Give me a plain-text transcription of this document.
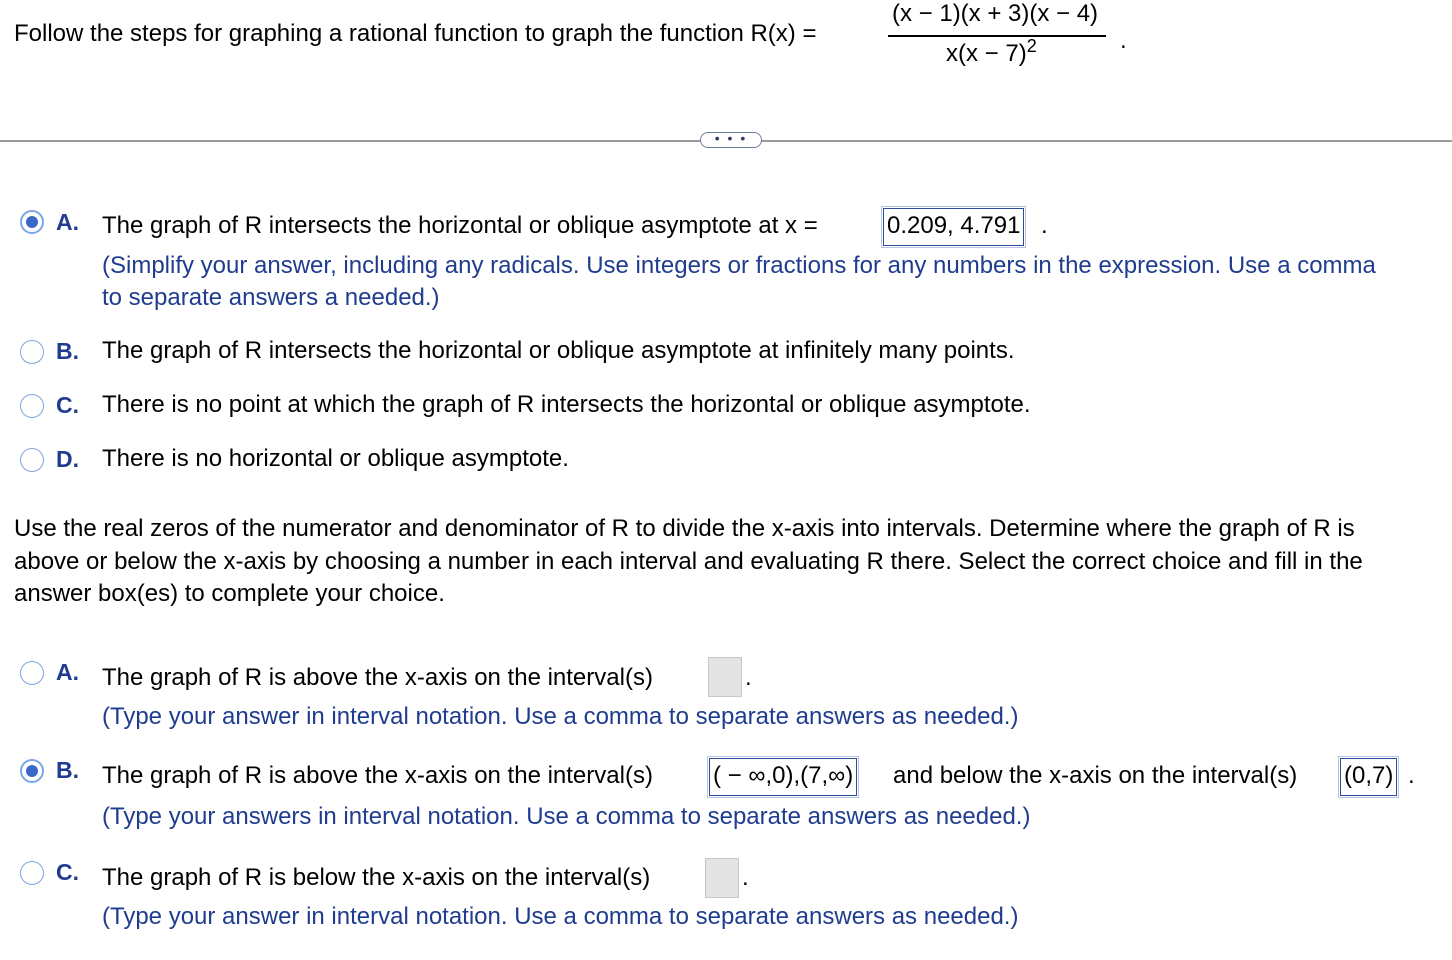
Follow the steps for graphing a rational function to graph the function R(x) =
(x − 1)(x + 3)(x − 4)
$x(x - 7)^2$	.
• • •
A. The graph of R intersects the horizontal or oblique asymptote at x =	0.209, 4.791 .
(Simplify your answer, including any radicals. Use integers or fractions for any numbers in the expression. Use a comma
to separate answers a needed.)
B. The graph of R intersects the horizontal or oblique asymptote at infinitely many points.
C. There is no point at which the graph of R intersects the horizontal or oblique asymptote.
D. There is no horizontal or oblique asymptote.
Use the real zeros of the numerator and denominator of R to divide the x-axis into intervals. Determine where the graph of R is
above or below the x-axis by choosing a number in each interval and evaluating R there. Select the correct choice and fill in the
answer box(es) to complete your choice.
A. The graph of R is above the x-axis on the interval(s)	.
(Type your answer in interval notation. Use a comma to separate answers as needed.)
B. The graph of R is above the x-axis on the interval(s)	( − ∞,0),(7,∞) and below the x-axis on the interval(s) (0,7) .
(Type your answers in interval notation. Use a comma to separate answers as needed.)
C. The graph of R is below the x-axis on the interval(s)	.
(Type your answer in interval notation. Use a comma to separate answers as needed.)
